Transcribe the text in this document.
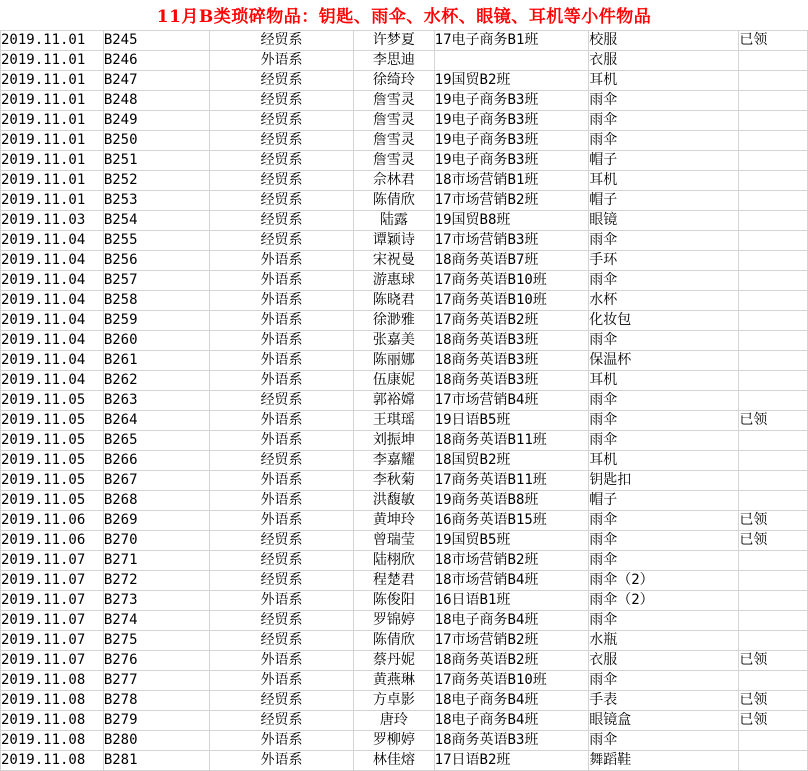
11月B类琐碎物品：钥匙、雨伞、水杯、眼镜、耳机等小件物品
2019.11.01	B245	经贸系	许梦夏	17电子商务B1班	校服	已领
2019.11.01	B246	外语系	李思迪		衣服	
2019.11.01	B247	经贸系	徐绮玲	19国贸B2班	耳机	
2019.11.01	B248	经贸系	詹雪灵	19电子商务B3班	雨伞	
2019.11.01	B249	经贸系	詹雪灵	19电子商务B3班	雨伞	
2019.11.01	B250	经贸系	詹雪灵	19电子商务B3班	雨伞	
2019.11.01	B251	经贸系	詹雪灵	19电子商务B3班	帽子	
2019.11.01	B252	经贸系	佘林君	18市场营销B1班	耳机	
2019.11.01	B253	经贸系	陈倩欣	17市场营销B2班	帽子	
2019.11.03	B254	经贸系	陆露	19国贸B8班	眼镜	
2019.11.04	B255	经贸系	谭颖诗	17市场营销B3班	雨伞	
2019.11.04	B256	外语系	宋祝曼	18商务英语B7班	手环	
2019.11.04	B257	外语系	游惠球	17商务英语B10班	雨伞	
2019.11.04	B258	外语系	陈晓君	17商务英语B10班	水杯	
2019.11.04	B259	外语系	徐渺雅	17商务英语B2班	化妆包	
2019.11.04	B260	外语系	张嘉美	18商务英语B3班	雨伞	
2019.11.04	B261	外语系	陈丽娜	18商务英语B3班	保温杯	
2019.11.04	B262	外语系	伍康妮	18商务英语B3班	耳机	
2019.11.05	B263	经贸系	郭裕嫦	17市场营销B4班	雨伞	
2019.11.05	B264	外语系	王琪瑶	19日语B5班	雨伞	已领
2019.11.05	B265	外语系	刘振坤	18商务英语B11班	雨伞	
2019.11.05	B266	经贸系	李嘉耀	18国贸B2班	耳机	
2019.11.05	B267	外语系	李秋菊	17商务英语B11班	钥匙扣	
2019.11.05	B268	外语系	洪馥敏	19商务英语B8班	帽子	
2019.11.06	B269	外语系	黄坤玲	16商务英语B15班	雨伞	已领
2019.11.06	B270	经贸系	曾瑞莹	19国贸B5班	雨伞	已领
2019.11.07	B271	经贸系	陆栩欣	18市场营销B2班	雨伞	
2019.11.07	B272	经贸系	程楚君	18市场营销B4班	雨伞（2）	
2019.11.07	B273	外语系	陈俊阳	16日语B1班	雨伞（2）	
2019.11.07	B274	经贸系	罗锦婷	18电子商务B4班	雨伞	
2019.11.07	B275	经贸系	陈倩欣	17市场营销B2班	水瓶	
2019.11.07	B276	外语系	蔡丹妮	18商务英语B2班	衣服	已领
2019.11.08	B277	外语系	黄燕琳	17商务英语B10班	雨伞	
2019.11.08	B278	经贸系	方卓影	18电子商务B4班	手表	已领
2019.11.08	B279	经贸系	唐玲	18电子商务B4班	眼镜盒	已领
2019.11.08	B280	外语系	罗柳婷	18商务英语B3班	雨伞	
2019.11.08	B281	外语系	林佳熔	17日语B2班	舞蹈鞋	
